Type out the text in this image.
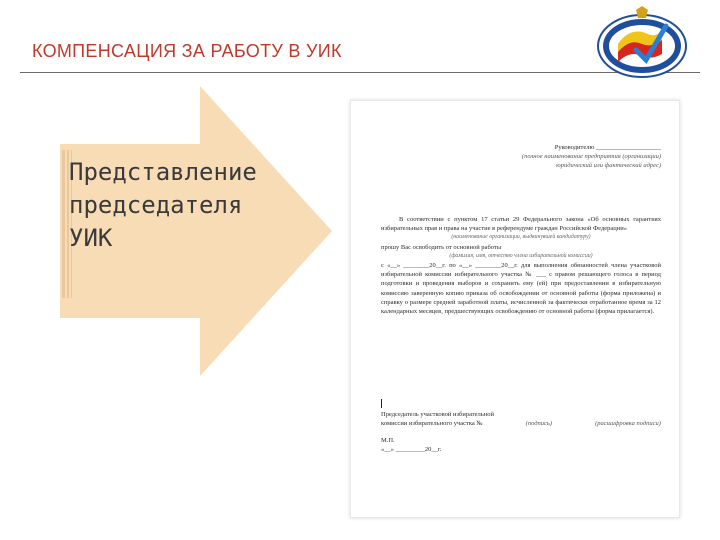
КОМПЕНСАЦИЯ ЗА РАБОТУ В УИК
Представление
председателя
УИК
Руководителю ____________________
(полное наименование предприятия (организации)
юридический или фактический адрес)
В соответствии с пунктом 17 статьи 29 Федерального закона «Об основных гарантиях избирательных прав и права на участие в референдуме граждан Российской Федерации»
(наименование организации, выдвинувшей кандидатуру)
прошу Вас освободить от основной работы
(фамилия, имя, отчество члена избирательной комиссии)
с «__» ________20__г. по «__» ________20__г. для выполнения обязанностей члена участковой избирательной комиссии избирательного участка № ___ с правом решающего голоса в период подготовки и проведения выборов и сохранить ему (ей) при предоставлении в избирательную комиссию заверенную копию приказа об освобождении от основной работы (форма приложена) и справку о размере средней заработной платы, исчисленной за фактически отработанное время за 12 календарных месяцев, предшествующих освобождению от основной работы (форма прилагается).
Председатель участковой избирательной
комиссии избирательного участка №	(подпись)	(расшифровка подписи)
М.П.
«__» _________20__г.
